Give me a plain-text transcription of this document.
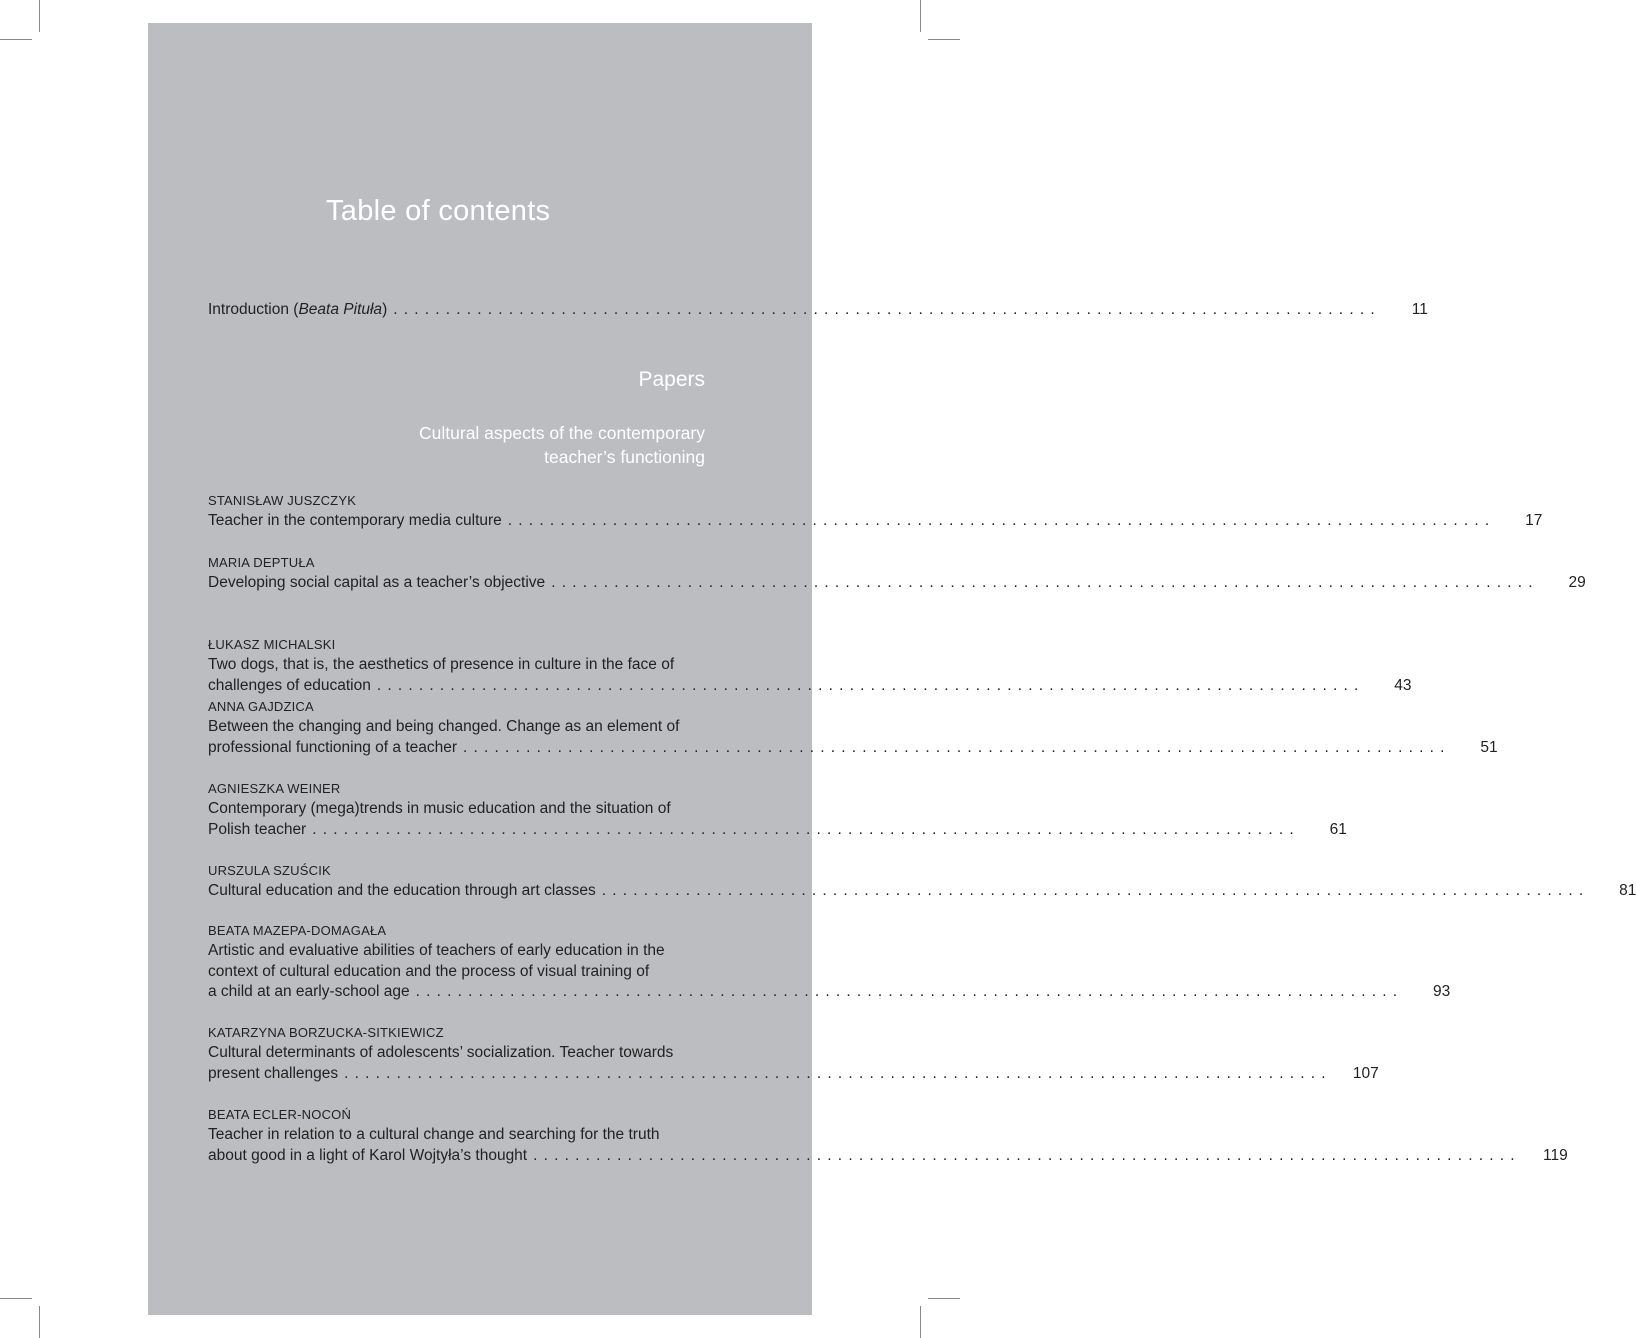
Table of contents
Introduction (Beata Pituła) ..............................................................................................	11
Papers
Cultural aspects of the contemporary teacher’s functioning
STANISŁAW JUSZCZYK
Teacher in the contemporary media culture ..............................................................................................	17
MARIA DEPTUŁA
Developing social capital as a teacher’s objective ..............................................................................................	29
ŁUKASZ MICHALSKI
Two dogs, that is, the aesthetics of presence in culture in the face of
challenges of education ..............................................................................................	43
ANNA GAJDZICA
Between the changing and being changed. Change as an element of
professional functioning of a teacher ..............................................................................................	51
AGNIESZKA WEINER
Contemporary (mega)trends in music education and the situation of
Polish teacher ..............................................................................................	61
URSZULA SZUŚCIK
Cultural education and the education through art classes ..............................................................................................	81
BEATA MAZEPA-DOMAGAŁA
Artistic and evaluative abilities of teachers of early education in the
context of cultural education and the process of visual training of
a child at an early-school age ..............................................................................................	93
KATARZYNA BORZUCKA-SITKIEWICZ
Cultural determinants of adolescents’ socialization. Teacher towards
present challenges ..............................................................................................	107
BEATA ECLER-NOCOŃ
Teacher in relation to a cultural change and searching for the truth
about good in a light of Karol Wojtyła’s thought ..............................................................................................	119
